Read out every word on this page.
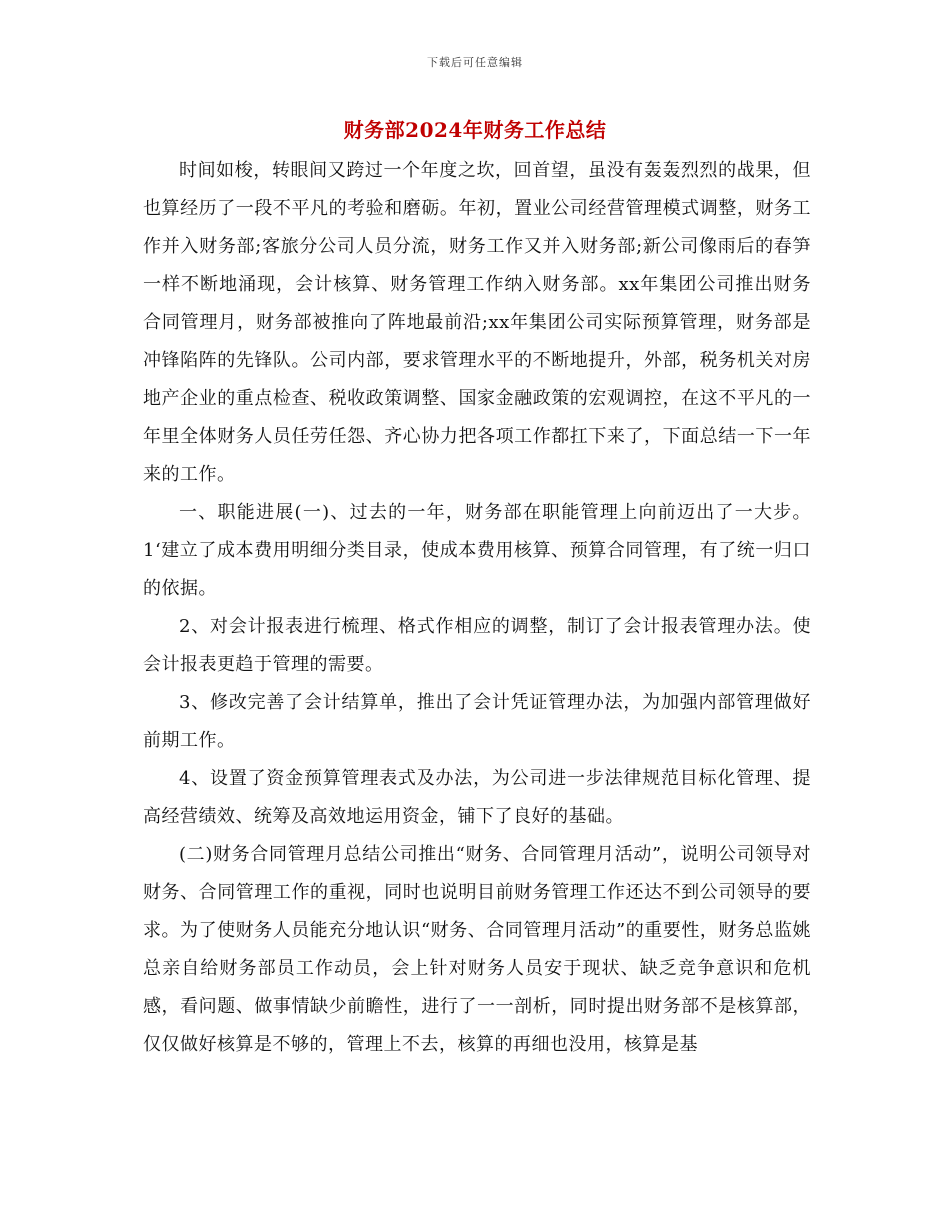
下载后可任意编辑
财务部2024年财务工作总结

时间如梭，转眼间又跨过一个年度之坎，回首望，虽没有轰轰烈烈的战果，但也算经历了一段不平凡的考验和磨砺。年初，置业公司经营管理模式调整，财务工作并入财务部;客旅分公司人员分流，财务工作又并入财务部;新公司像雨后的春笋一样不断地涌现，会计核算、财务管理工作纳入财务部。xx年集团公司推出财务合同管理月，财务部被推向了阵地最前沿;xx年集团公司实际预算管理，财务部是冲锋陷阵的先锋队。公司内部，要求管理水平的不断地提升，外部，税务机关对房地产企业的重点检查、税收政策调整、国家金融政策的宏观调控，在这不平凡的一年里全体财务人员任劳任怨、齐心协力把各项工作都扛下来了，下面总结一下一年来的工作。

一、职能进展(一)、过去的一年，财务部在职能管理上向前迈出了一大步。1‘建立了成本费用明细分类目录，使成本费用核算、预算合同管理，有了统一归口的依据。

2、对会计报表进行梳理、格式作相应的调整，制订了会计报表管理办法。使会计报表更趋于管理的需要。

3、修改完善了会计结算单，推出了会计凭证管理办法，为加强内部管理做好前期工作。

4、设置了资金预算管理表式及办法，为公司进一步法律规范目标化管理、提高经营绩效、统筹及高效地运用资金，铺下了良好的基础。

(二)财务合同管理月总结公司推出“财务、合同管理月活动”，说明公司领导对财务、合同管理工作的重视，同时也说明目前财务管理工作还达不到公司领导的要求。为了使财务人员能充分地认识“财务、合同管理月活动”的重要性，财务总监姚总亲自给财务部员工作动员，会上针对财务人员安于现状、缺乏竞争意识和危机感，看问题、做事情缺少前瞻性，进行了一一剖析，同时提出财务部不是核算部，仅仅做好核算是不够的，管理上不去，核算的再细也没用，核算是基
